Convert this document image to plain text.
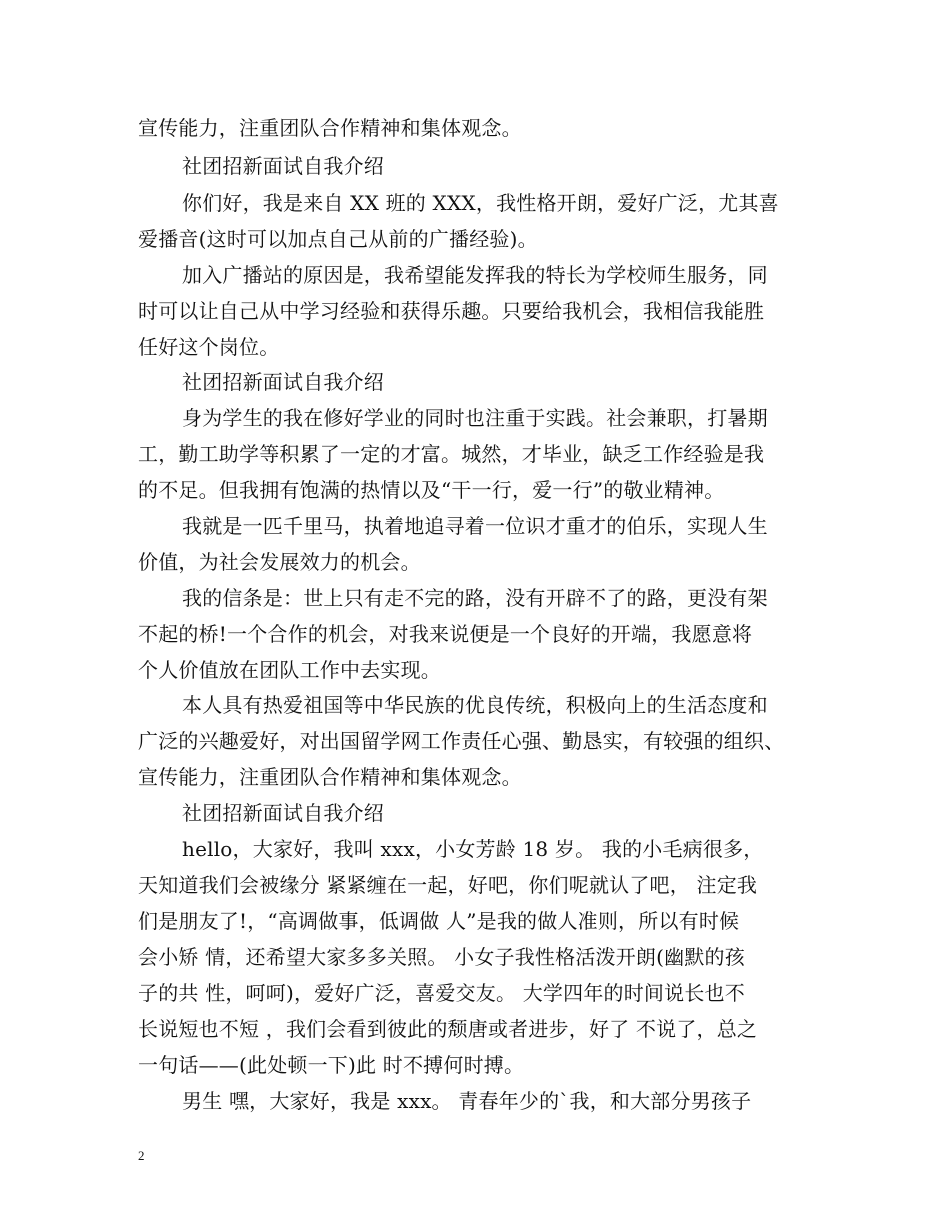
宣传能力，注重团队合作精神和集体观念。
社团招新面试自我介绍
你们好，我是来自 XX 班的 XXX，我性格开朗，爱好广泛，尤其喜
爱播音(这时可以加点自己从前的广播经验)。
加入广播站的原因是，我希望能发挥我的特长为学校师生服务，同
时可以让自己从中学习经验和获得乐趣。只要给我机会，我相信我能胜
任好这个岗位。
社团招新面试自我介绍
身为学生的我在修好学业的同时也注重于实践。社会兼职，打暑期
工，勤工助学等积累了一定的才富。城然，才毕业，缺乏工作经验是我
的不足。但我拥有饱满的热情以及“干一行，爱一行”的敬业精神。
我就是一匹千里马，执着地追寻着一位识才重才的伯乐，实现人生
价值，为社会发展效力的机会。
我的信条是：世上只有走不完的路，没有开辟不了的路，更没有架
不起的桥!一个合作的机会，对我来说便是一个良好的开端，我愿意将
个人价值放在团队工作中去实现。
本人具有热爱祖国等中华民族的优良传统，积极向上的生活态度和
广泛的兴趣爱好，对出国留学网工作责任心强、勤恳实，有较强的组织、
宣传能力，注重团队合作精神和集体观念。
社团招新面试自我介绍
hello，大家好，我叫 xxx，小女芳龄 18 岁。 我的小毛病很多，
天知道我们会被缘分 紧紧缠在一起，好吧，你们呢就认了吧， 注定我
们是朋友了!，“高调做事，低调做 人”是我的做人准则，所以有时候
会小矫 情，还希望大家多多关照。 小女子我性格活泼开朗(幽默的孩
子的共 性，呵呵)，爱好广泛，喜爱交友。 大学四年的时间说长也不
长说短也不短 ，我们会看到彼此的颓唐或者进步，好了 不说了，总之
一句话——(此处顿一下)此 时不搏何时搏。
男生 嘿，大家好，我是 xxx。 青春年少的`我，和大部分男孩子
2
